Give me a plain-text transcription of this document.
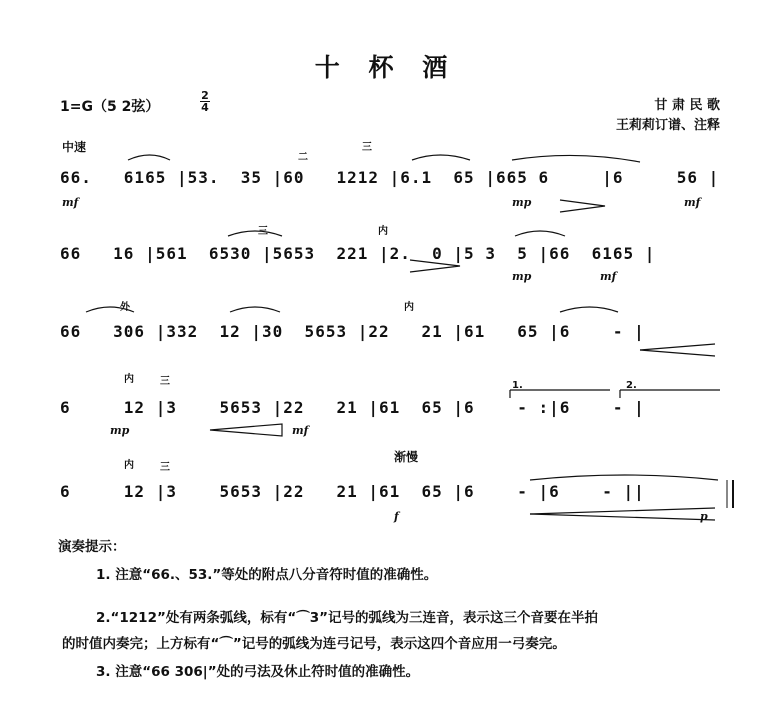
十 杯 酒
1=G（5 2弦）
2
4	甘 肃 民 歌
王莉莉订谱、注释
中速
66.   6165 |53.  35 |60   1212 |6.1  65 |665 6     |6     56 |
66   16 |561  6530 |5653  221 |2.  0 |5 3  5 |66  6165 |
66   306 |332  12 |30  5653 |22   21 |61   65 |6    - |
6     12 |3    5653 |22   21 |61  65 |6    - :|6    - |
6     12 |3    5653 |22   21 |61  65 |6    - |6    - ||
外
内
内
内
内
三
三
三
三
二
渐慢
1.	2.
mf	mp	mf
mp	mf
mp	mf
f	p
演奏提示：
1. 注意“66.、53.”等处的附点八分音符时值的准确性。
2.“1212”处有两条弧线，标有“⌒3”记号的弧线为三连音，表示这三个音要在半拍
的时值内奏完；上方标有“⌒”记号的弧线为连弓记号，表示这四个音应用一弓奏完。
3. 注意“66 306|”处的弓法及休止符时值的准确性。
